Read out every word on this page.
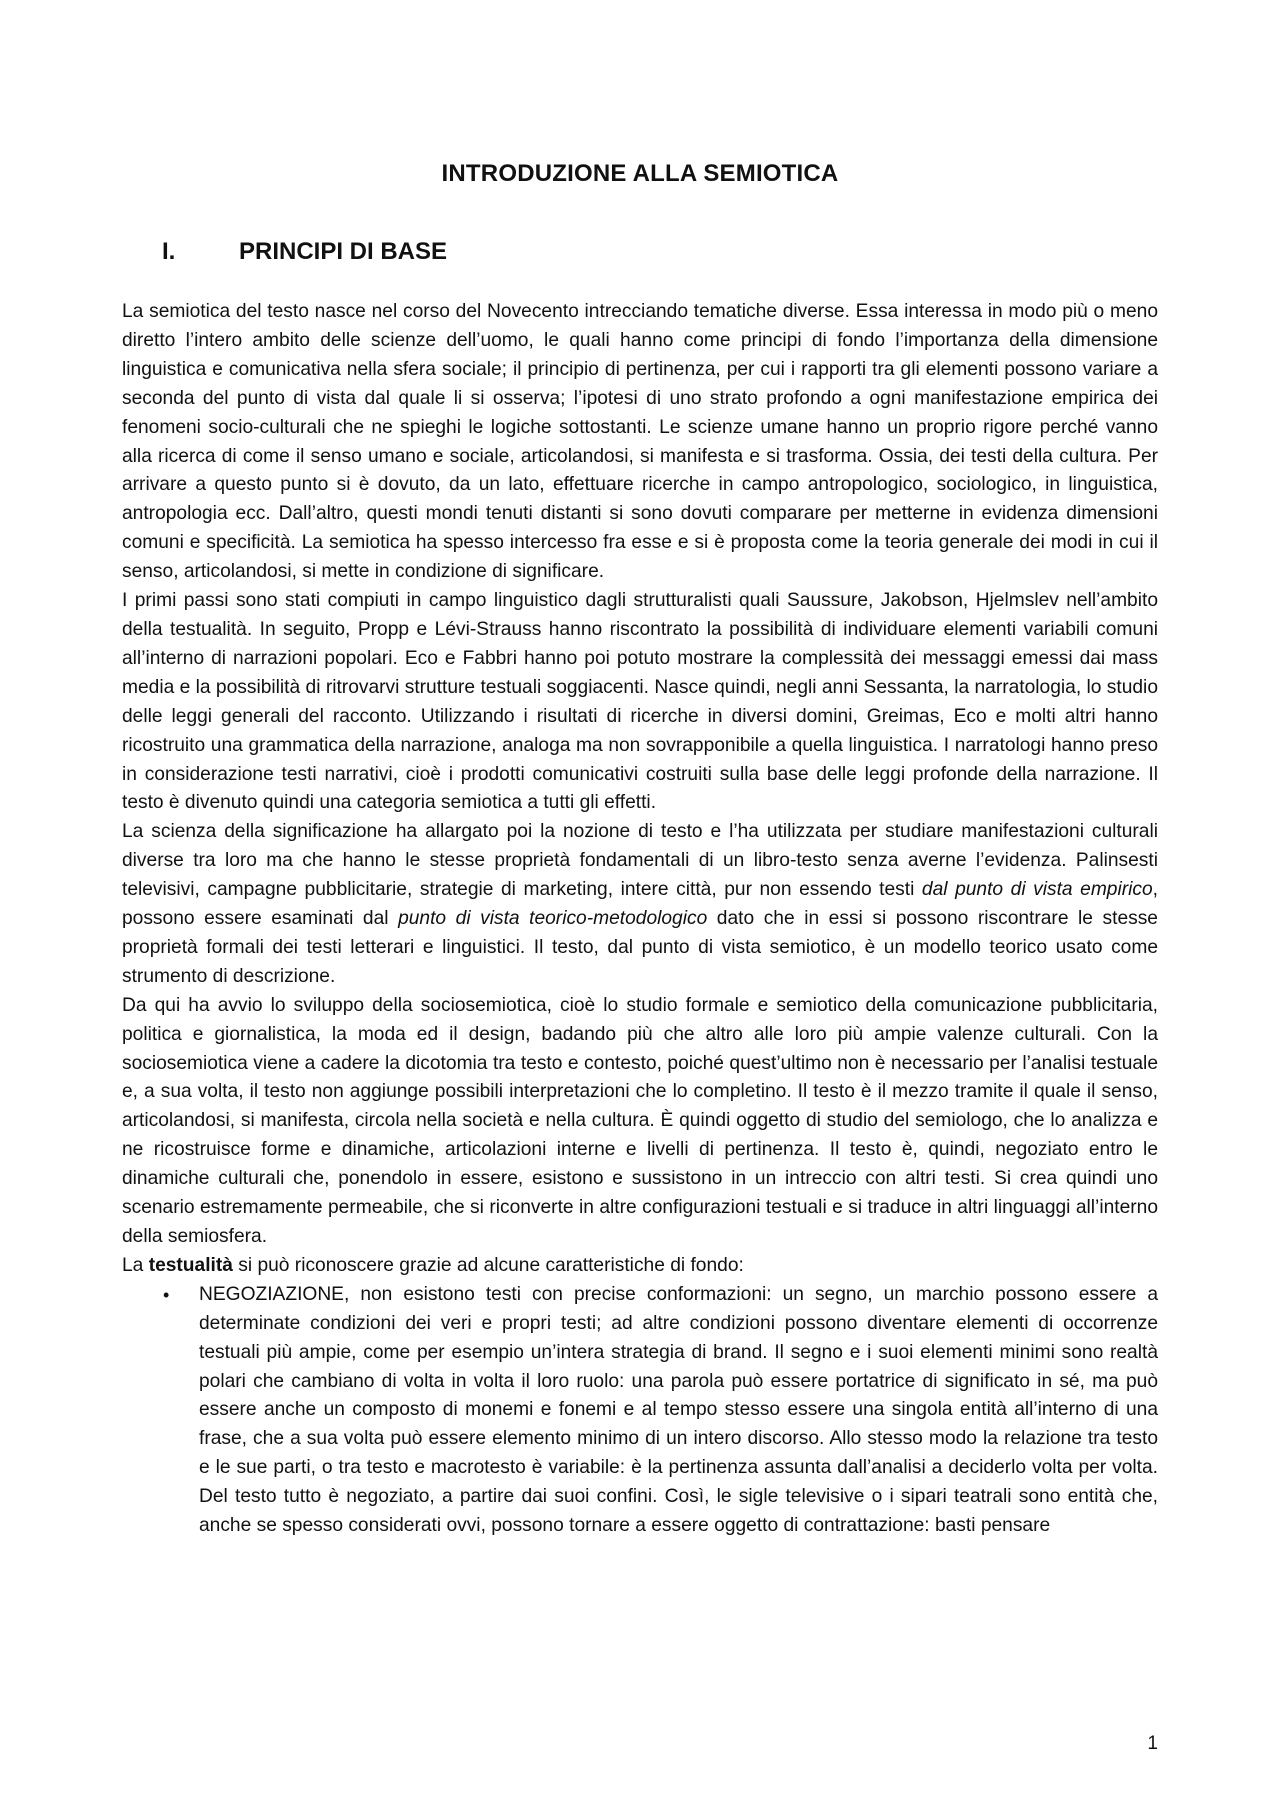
INTRODUZIONE ALLA SEMIOTICA
I.	PRINCIPI DI BASE

La semiotica del testo nasce nel corso del Novecento intrecciando tematiche diverse. Essa interessa in modo più o meno diretto l’intero ambito delle scienze dell’uomo, le quali hanno come principi di fondo l’importanza della dimensione linguistica e comunicativa nella sfera sociale; il principio di pertinenza, per cui i rapporti tra gli elementi possono variare a seconda del punto di vista dal quale li si osserva; l’ipotesi di uno strato profondo a ogni manifestazione empirica dei fenomeni socio-culturali che ne spieghi le logiche sottostanti. Le scienze umane hanno un proprio rigore perché vanno alla ricerca di come il senso umano e sociale, articolandosi, si manifesta e si trasforma. Ossia, dei testi della cultura. Per arrivare a questo punto si è dovuto, da un lato, effettuare ricerche in campo antropologico, sociologico, in linguistica, antropologia ecc. Dall’altro, questi mondi tenuti distanti si sono dovuti comparare per metterne in evidenza dimensioni comuni e specificità. La semiotica ha spesso intercesso fra esse e si è proposta come la teoria generale dei modi in cui il senso, articolandosi, si mette in condizione di significare.

I primi passi sono stati compiuti in campo linguistico dagli strutturalisti quali Saussure, Jakobson, Hjelmslev nell’ambito della testualità. In seguito, Propp e Lévi-Strauss hanno riscontrato la possibilità di individuare elementi variabili comuni all’interno di narrazioni popolari. Eco e Fabbri hanno poi potuto mostrare la complessità dei messaggi emessi dai mass media e la possibilità di ritrovarvi strutture testuali soggiacenti. Nasce quindi, negli anni Sessanta, la narratologia, lo studio delle leggi generali del racconto. Utilizzando i risultati di ricerche in diversi domini, Greimas, Eco e molti altri hanno ricostruito una grammatica della narrazione, analoga ma non sovrapponibile a quella linguistica. I narratologi hanno preso in considerazione testi narrativi, cioè i prodotti comunicativi costruiti sulla base delle leggi profonde della narrazione. Il testo è divenuto quindi una categoria semiotica a tutti gli effetti.

La scienza della significazione ha allargato poi la nozione di testo e l’ha utilizzata per studiare manifestazioni culturali diverse tra loro ma che hanno le stesse proprietà fondamentali di un libro-testo senza averne l’evidenza. Palinsesti televisivi, campagne pubblicitarie, strategie di marketing, intere città, pur non essendo testi dal punto di vista empirico, possono essere esaminati dal punto di vista teorico-metodologico dato che in essi si possono riscontrare le stesse proprietà formali dei testi letterari e linguistici. Il testo, dal punto di vista semiotico, è un modello teorico usato come strumento di descrizione.

Da qui ha avvio lo sviluppo della sociosemiotica, cioè lo studio formale e semiotico della comunicazione pubblicitaria, politica e giornalistica, la moda ed il design, badando più che altro alle loro più ampie valenze culturali. Con la sociosemiotica viene a cadere la dicotomia tra testo e contesto, poiché quest’ultimo non è necessario per l’analisi testuale e, a sua volta, il testo non aggiunge possibili interpretazioni che lo completino. Il testo è il mezzo tramite il quale il senso, articolandosi, si manifesta, circola nella società e nella cultura. È quindi oggetto di studio del semiologo, che lo analizza e ne ricostruisce forme e dinamiche, articolazioni interne e livelli di pertinenza. Il testo è, quindi, negoziato entro le dinamiche culturali che, ponendolo in essere, esistono e sussistono in un intreccio con altri testi. Si crea quindi uno scenario estremamente permeabile, che si riconverte in altre configurazioni testuali e si traduce in altri linguaggi all’interno della semiosfera.

La testualità si può riconoscere grazie ad alcune caratteristiche di fondo:

• NEGOZIAZIONE, non esistono testi con precise conformazioni: un segno, un marchio possono essere a determinate condizioni dei veri e propri testi; ad altre condizioni possono diventare elementi di occorrenze testuali più ampie, come per esempio un’intera strategia di brand. Il segno e i suoi elementi minimi sono realtà polari che cambiano di volta in volta il loro ruolo: una parola può essere portatrice di significato in sé, ma può essere anche un composto di monemi e fonemi e al tempo stesso essere una singola entità all’interno di una frase, che a sua volta può essere elemento minimo di un intero discorso. Allo stesso modo la relazione tra testo e le sue parti, o tra testo e macrotesto è variabile: è la pertinenza assunta dall’analisi a deciderlo volta per volta. Del testo tutto è negoziato, a partire dai suoi confini. Così, le sigle televisive o i sipari teatrali sono entità che, anche se spesso considerati ovvi, possono tornare a essere oggetto di contrattazione: basti pensare
1
